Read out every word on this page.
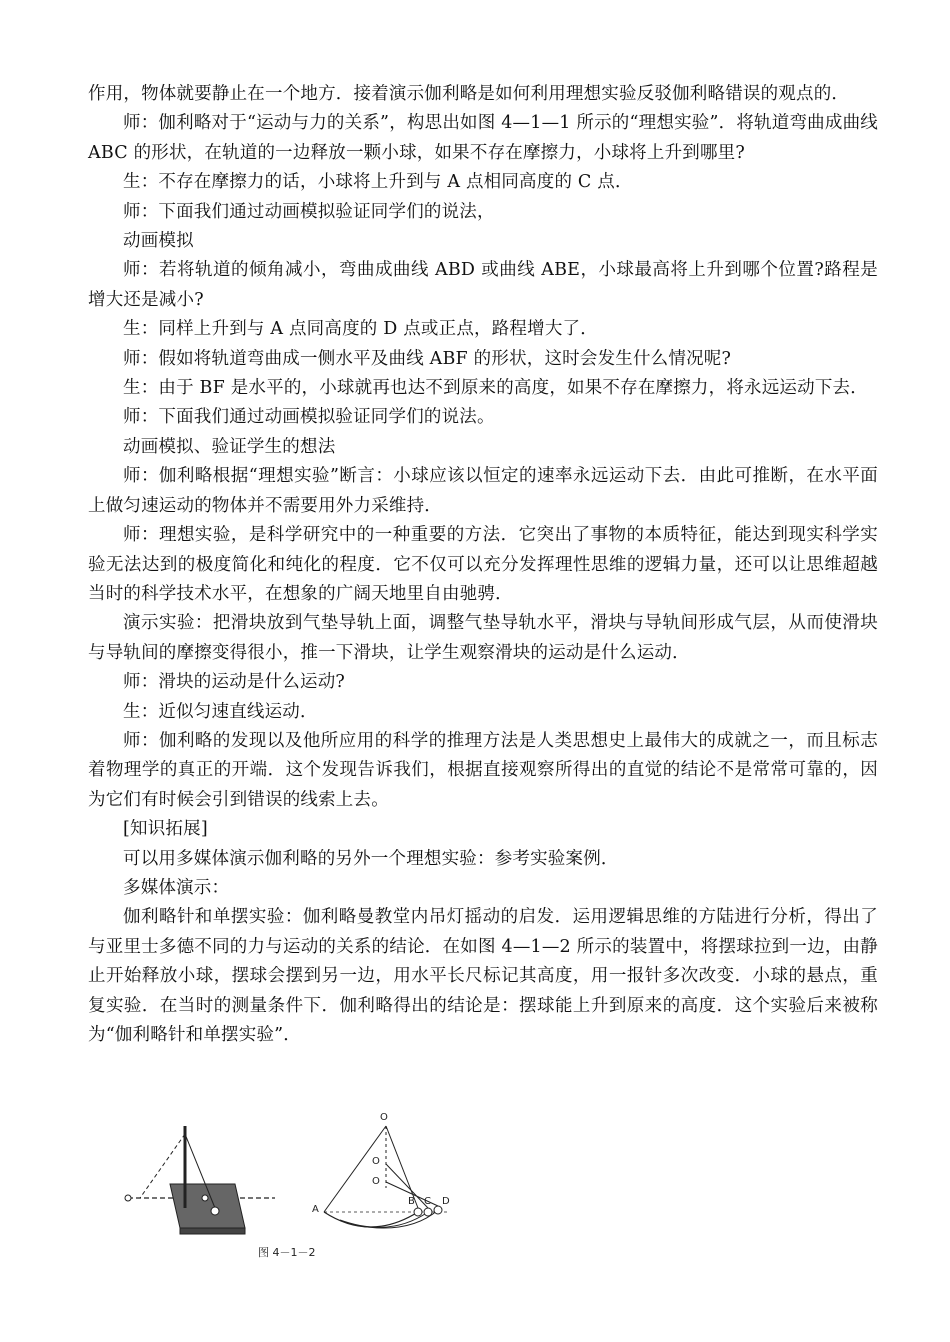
作用，物体就要静止在一个地方．接着演示伽利略是如何利用理想实验反驳伽利略错误的观点的．

师：伽利略对于“运动与力的关系”，构思出如图 4—1—1 所示的“理想实验”．将轨道弯曲成曲线 ABC 的形状，在轨道的一边释放一颗小球，如果不存在摩擦力，小球将上升到哪里?

生：不存在摩擦力的话，小球将上升到与 A 点相同高度的 C 点．

师：下面我们通过动画模拟验证同学们的说法，

动画模拟

师：若将轨道的倾角减小，弯曲成曲线 ABD 或曲线 ABE，小球最高将上升到哪个位置?路程是增大还是减小?

生：同样上升到与 A 点同高度的 D 点或正点，路程增大了．

师：假如将轨道弯曲成一侧水平及曲线 ABF 的形状，这时会发生什么情况呢?

生：由于 BF 是水平的，小球就再也达不到原来的高度，如果不存在摩擦力，将永远运动下去．

师：下面我们通过动画模拟验证同学们的说法。

动画模拟、验证学生的想法

师：伽利略根据“理想实验”断言：小球应该以恒定的速率永远运动下去．由此可推断，在水平面上做匀速运动的物体并不需要用外力采维持．

师：理想实验，是科学研究中的一种重要的方法．它突出了事物的本质特征，能达到现实科学实验无法达到的极度简化和纯化的程度．它不仅可以充分发挥理性思维的逻辑力量，还可以让思维超越当时的科学技术水平，在想象的广阔天地里自由驰骋．

演示实验：把滑块放到气垫导轨上面，调整气垫导轨水平，滑块与导轨间形成气层，从而使滑块与导轨间的摩擦变得很小，推一下滑块，让学生观察滑块的运动是什么运动．

师：滑块的运动是什么运动?

生：近似匀速直线运动．

师：伽利略的发现以及他所应用的科学的推理方法是人类思想史上最伟大的成就之一，而且标志着物理学的真正的开端．这个发现告诉我们，根据直接观察所得出的直觉的结论不是常常可靠的，因为它们有时候会引到错误的线索上去。

[知识拓展]

可以用多媒体演示伽利略的另外一个理想实验：参考实验案例．

多媒体演示：

伽利略针和单摆实验：伽利略曼教堂内吊灯摇动的启发．运用逻辑思维的方陆进行分析，得出了与亚里士多德不同的力与运动的关系的结论．在如图 4—1—2 所示的装置中，将摆球拉到一边，由静止开始释放小球，摆球会摆到另一边，用水平长尺标记其高度，用一报针多次改变．小球的悬点，重复实验．在当时的测量条件下．伽利略得出的结论是：摆球能上升到原来的高度．这个实验后来被称为“伽利略针和单摆实验”．

O
O
O
A
B C D
图 4－1－2
